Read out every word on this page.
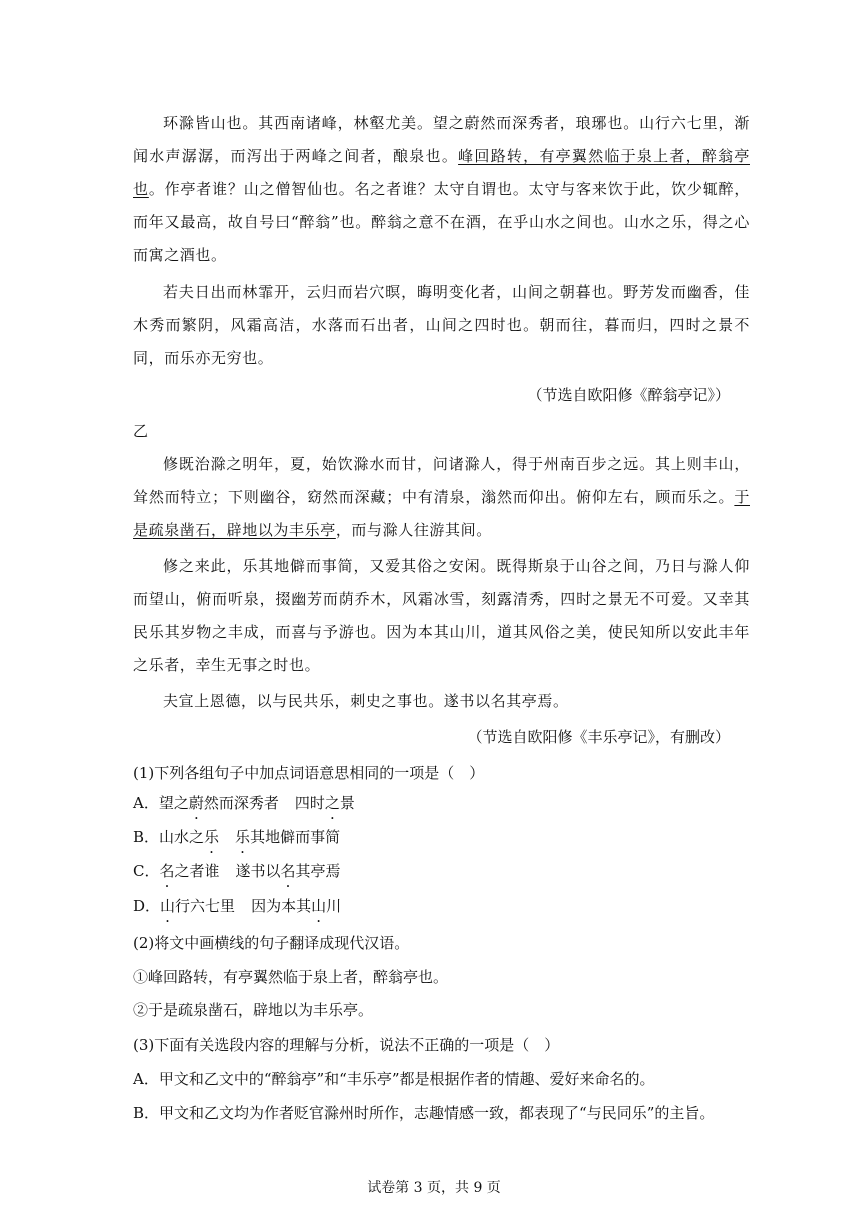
环滁皆山也。其西南诸峰，林壑尤美。望之蔚然而深秀者，琅琊也。山行六七里，渐闻水声潺潺，而泻出于两峰之间者，酿泉也。峰回路转，有亭翼然临于泉上者，醉翁亭也。作亭者谁？山之僧智仙也。名之者谁？太守自谓也。太守与客来饮于此，饮少辄醉，而年又最高，故自号曰“醉翁”也。醉翁之意不在酒，在乎山水之间也。山水之乐，得之心而寓之酒也。

若夫日出而林霏开，云归而岩穴暝，晦明变化者，山间之朝暮也。野芳发而幽香，佳木秀而繁阴，风霜高洁，水落而石出者，山间之四时也。朝而往，暮而归，四时之景不同，而乐亦无穷也。

（节选自欧阳修《醉翁亭记》）
乙

修既治滁之明年，夏，始饮滁水而甘，问诸滁人，得于州南百步之远。其上则丰山，耸然而特立；下则幽谷，窈然而深藏；中有清泉，滃然而仰出。俯仰左右，顾而乐之。于是疏泉凿石，辟地以为丰乐亭，而与滁人往游其间。

修之来此，乐其地僻而事简，又爱其俗之安闲。既得斯泉于山谷之间，乃日与滁人仰而望山，俯而听泉，掇幽芳而荫乔木，风霜冰雪，刻露清秀，四时之景无不可爱。又幸其民乐其岁物之丰成，而喜与予游也。因为本其山川，道其风俗之美，使民知所以安此丰年之乐者，幸生无事之时也。

夫宣上恩德，以与民共乐，刺史之事也。遂书以名其亭焉。

（节选自欧阳修《丰乐亭记》，有删改）

(1)下列各组句子中加点词语意思相同的一项是（　）

A．望之蔚然而深秀者 四时之景

B．山水之乐 乐其地僻而事简

C．名之者谁 遂书以名其亭焉

D．山行六七里 因为本其山川

(2)将文中画横线的句子翻译成现代汉语。

①峰回路转，有亭翼然临于泉上者，醉翁亭也。

②于是疏泉凿石，辟地以为丰乐亭。

(3)下面有关选段内容的理解与分析，说法不正确的一项是（　）

A．甲文和乙文中的“醉翁亭”和“丰乐亭”都是根据作者的情趣、爱好来命名的。

B．甲文和乙文均为作者贬官滁州时所作，志趣情感一致，都表现了“与民同乐”的主旨。

试卷第 3 页，共 9 页
